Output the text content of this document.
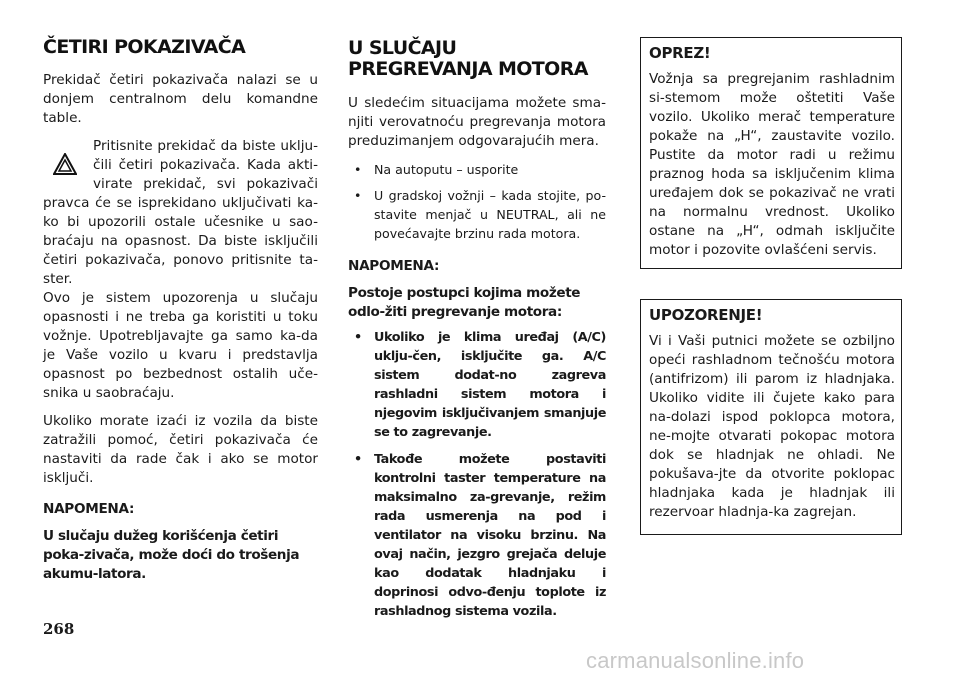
ČETIRI POKAZIVAČA

Prekidač četiri pokazivača nalazi se u donjem centralnom delu komandne table.

Pritisnite prekidač da biste uklju-čili četiri pokazivača. Kada akti-virate prekidač, svi pokazivači pravca će se isprekidano uključivati ka-ko bi upozorili ostale učesnike u sao-braćaju na opasnost. Da biste isključili četiri pokazivača, ponovo pritisnite ta-ster.

Ovo je sistem upozorenja u slučaju opasnosti i ne treba ga koristiti u toku vožnje. Upotrebljavajte ga samo ka-da je Vaše vozilo u kvaru i predstavlja opasnost po bezbednost ostalih uče-snika u saobraćaju.

Ukoliko morate izaći iz vozila da biste zatražili pomoć, četiri pokazivača će nastaviti da rade čak i ako se motor isključi.

NAPOMENA:
U slučaju dužeg korišćenja četiri poka-zivača, može doći do trošenja akumu-latora.
U SLUČAJU PREGREVANJA MOTORA

U sledećim situacijama možete sma-njiti verovatnoću pregrevanja motora preduzimanjem odgovarajućih mera.

• Na autoputu – usporite
• U gradskoj vožnji – kada stojite, po-stavite menjač u NEUTRAL, ali ne povećavajte brzinu rada motora.
NAPOMENA:
Postoje postupci kojima možete odlo-žiti pregrevanje motora:
• Ukoliko je klima uređaj (A/C) uklju-čen, isključite ga. A/C sistem dodat-no zagreva rashladni sistem motora i njegovim isključivanjem smanjuje se to zagrevanje.
• Takođe možete postaviti kontrolni taster temperature na maksimalno za-grevanje, režim rada usmerenja na pod i ventilator na visoku brzinu. Na ovaj način, jezgro grejača deluje kao dodatak hladnjaku i doprinosi odvo-đenju toplote iz rashladnog sistema vozila.
OPREZ!

Vožnja sa pregrejanim rashladnim si-stemom može oštetiti Vaše vozilo. Ukoliko merač temperature pokaže na „H“, zaustavite vozilo. Pustite da motor radi u režimu praznog hoda sa isključenim klima uređajem dok se pokazivač ne vrati na normalnu vrednost. Ukoliko ostane na „H“, odmah isključite motor i pozovite ovlašćeni servis.

UPOZORENJE!

Vi i Vaši putnici možete se ozbiljno opeći rashladnom tečnošću motora (antifrizom) ili parom iz hladnjaka. Ukoliko vidite ili čujete kako para na-dolazi ispod poklopca motora, ne-mojte otvarati pokopac motora dok se hladnjak ne ohladi. Ne pokušava-jte da otvorite poklopac hladnjaka kada je hladnjak ili rezervoar hladnja-ka zagrejan.

268
carmanualsonline.info
